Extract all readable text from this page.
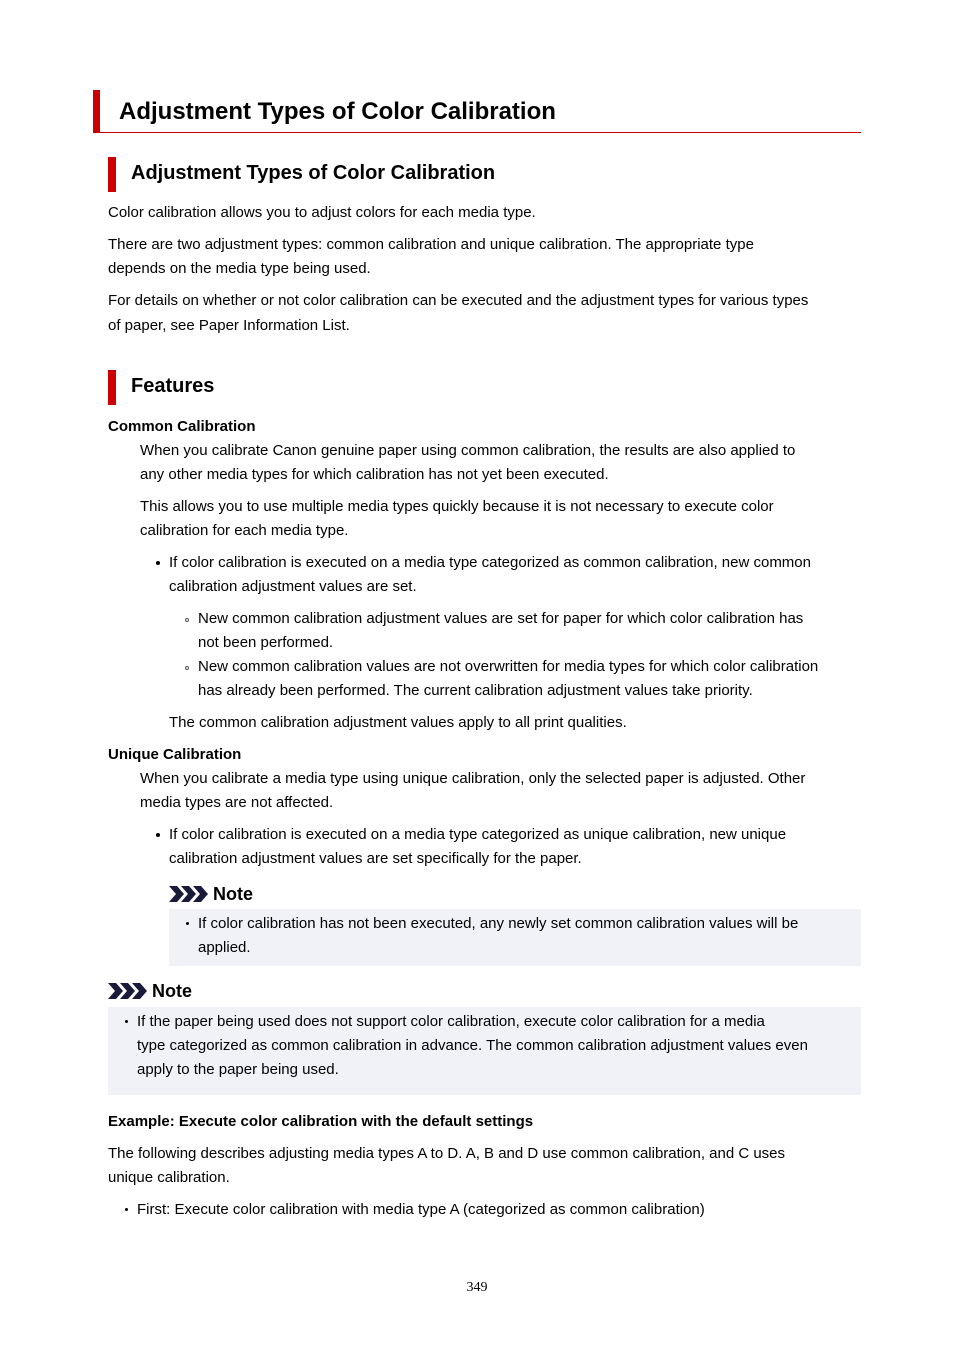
Adjustment Types of Color Calibration
Adjustment Types of Color Calibration
Color calibration allows you to adjust colors for each media type.
There are two adjustment types: common calibration and unique calibration. The appropriate type
depends on the media type being used.
For details on whether or not color calibration can be executed and the adjustment types for various types
of paper, see Paper Information List.
Features
Common Calibration
When you calibrate Canon genuine paper using common calibration, the results are also applied to
any other media types for which calibration has not yet been executed.
This allows you to use multiple media types quickly because it is not necessary to execute color
calibration for each media type.
If color calibration is executed on a media type categorized as common calibration, new common
calibration adjustment values are set.
New common calibration adjustment values are set for paper for which color calibration has
not been performed.
New common calibration values are not overwritten for media types for which color calibration
has already been performed. The current calibration adjustment values take priority.
The common calibration adjustment values apply to all print qualities.
Unique Calibration
When you calibrate a media type using unique calibration, only the selected paper is adjusted. Other
media types are not affected.
If color calibration is executed on a media type categorized as unique calibration, new unique
calibration adjustment values are set specifically for the paper.
Note
If color calibration has not been executed, any newly set common calibration values will be
applied.
Note
If the paper being used does not support color calibration, execute color calibration for a media
type categorized as common calibration in advance. The common calibration adjustment values even
apply to the paper being used.
Example: Execute color calibration with the default settings
The following describes adjusting media types A to D. A, B and D use common calibration, and C uses
unique calibration.
First: Execute color calibration with media type A (categorized as common calibration)
349
